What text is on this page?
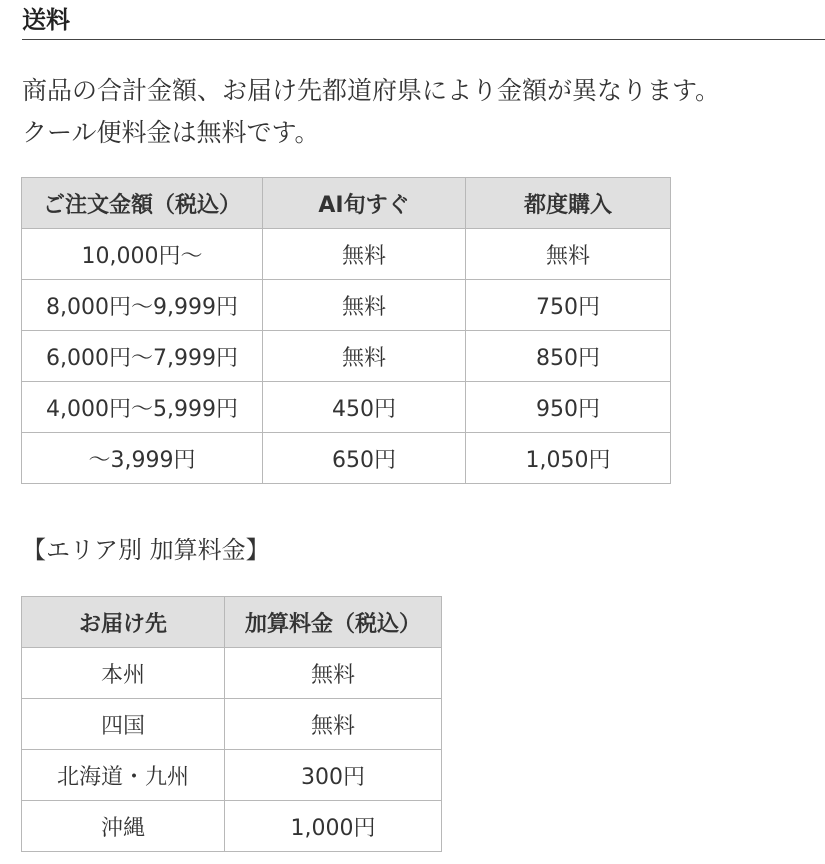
送料
商品の合計金額、お届け先都道府県により金額が異なります。
クール便料金は無料です。
ご注文金額（税込）	AI旬すぐ	都度購入
10,000円〜	無料	無料
8,000円〜9,999円	無料	750円
6,000円〜7,999円	無料	850円
4,000円〜5,999円	450円	950円
〜3,999円	650円	1,050円
【エリア別 加算料金】
お届け先	加算料金（税込）
本州	無料
四国	無料
北海道・九州	300円
沖縄	1,000円
